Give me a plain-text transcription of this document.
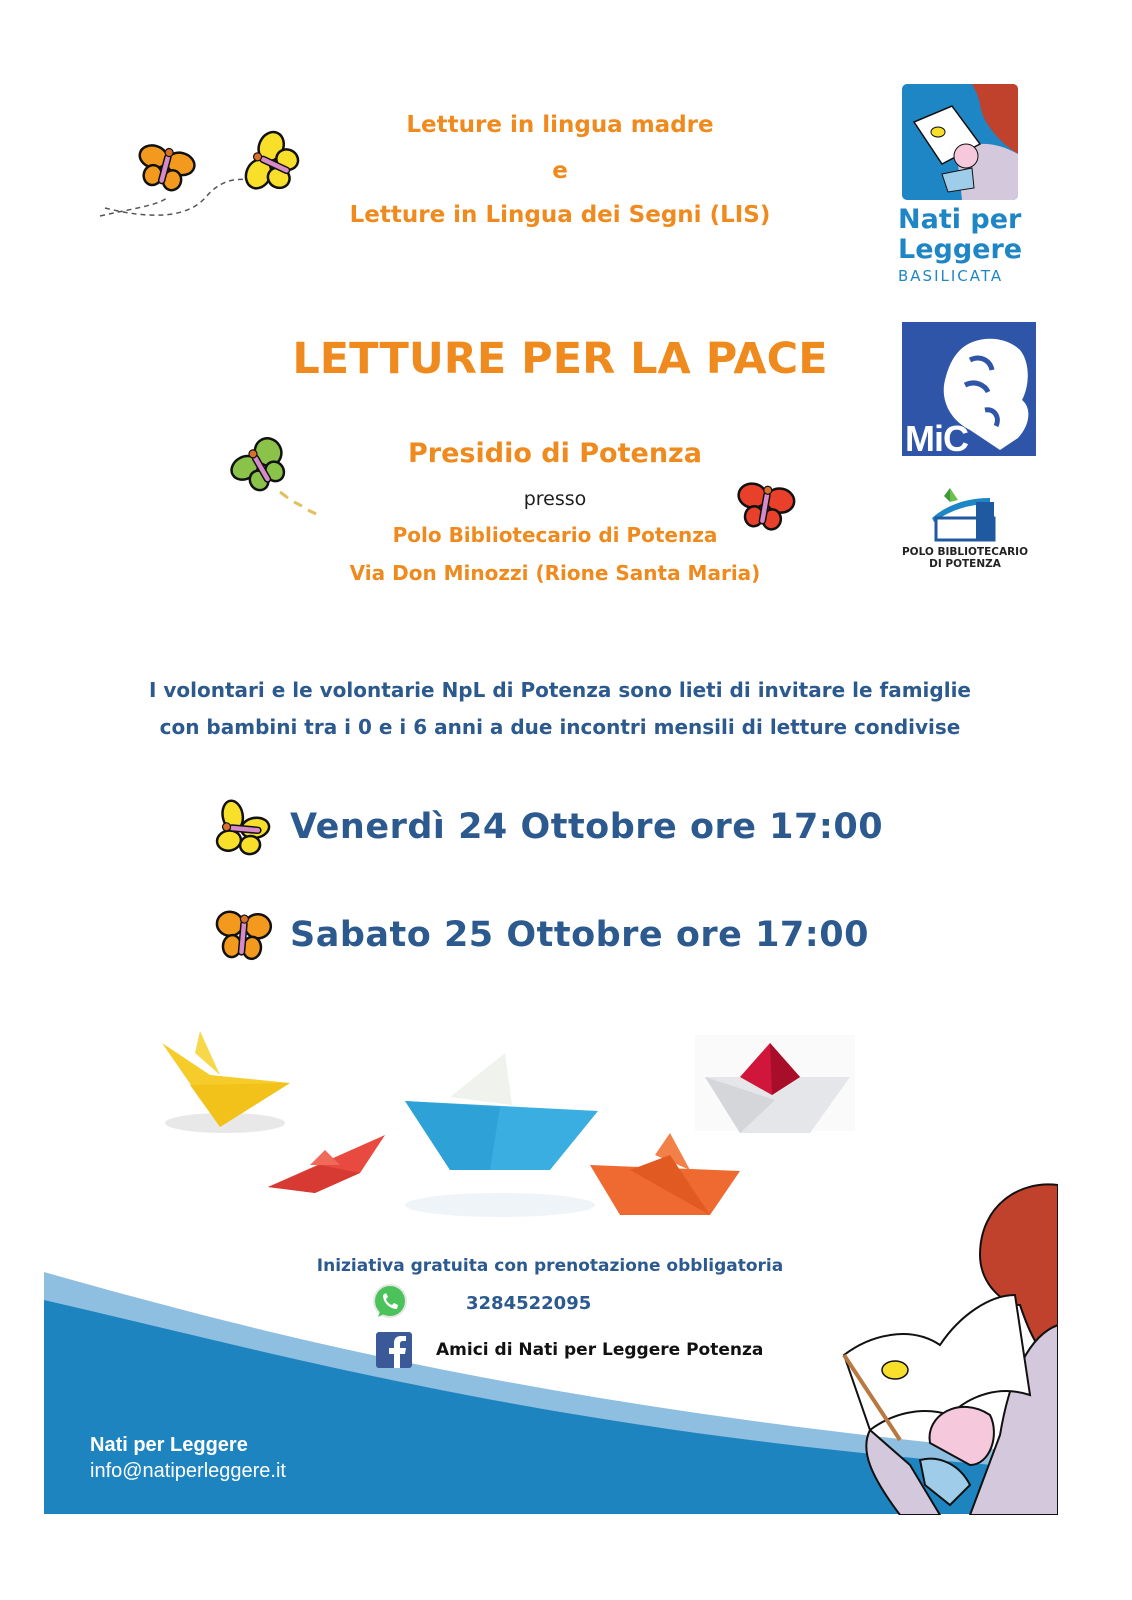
Letture in lingua madre
e
Letture in Lingua dei Segni (LIS)	Nati per
Leggere
BASILICATA
MiC
POLO BIBLIOTECARIO
DI POTENZA
LETTURE PER LA PACE
Presidio di Potenza
presso
Polo Bibliotecario di Potenza
Via Don Minozzi (Rione Santa Maria)
I volontari e le volontarie NpL di Potenza sono lieti di invitare le famiglie
con bambini tra i 0 e i 6 anni a due incontri mensili di letture condivise
Venerdì 24 Ottobre ore 17:00
Sabato 25 Ottobre ore 17:00
Iniziativa gratuita con prenotazione obbligatoria
3284522095
Amici di Nati per Leggere Potenza
Nati per Leggere
info@natiperleggere.it
